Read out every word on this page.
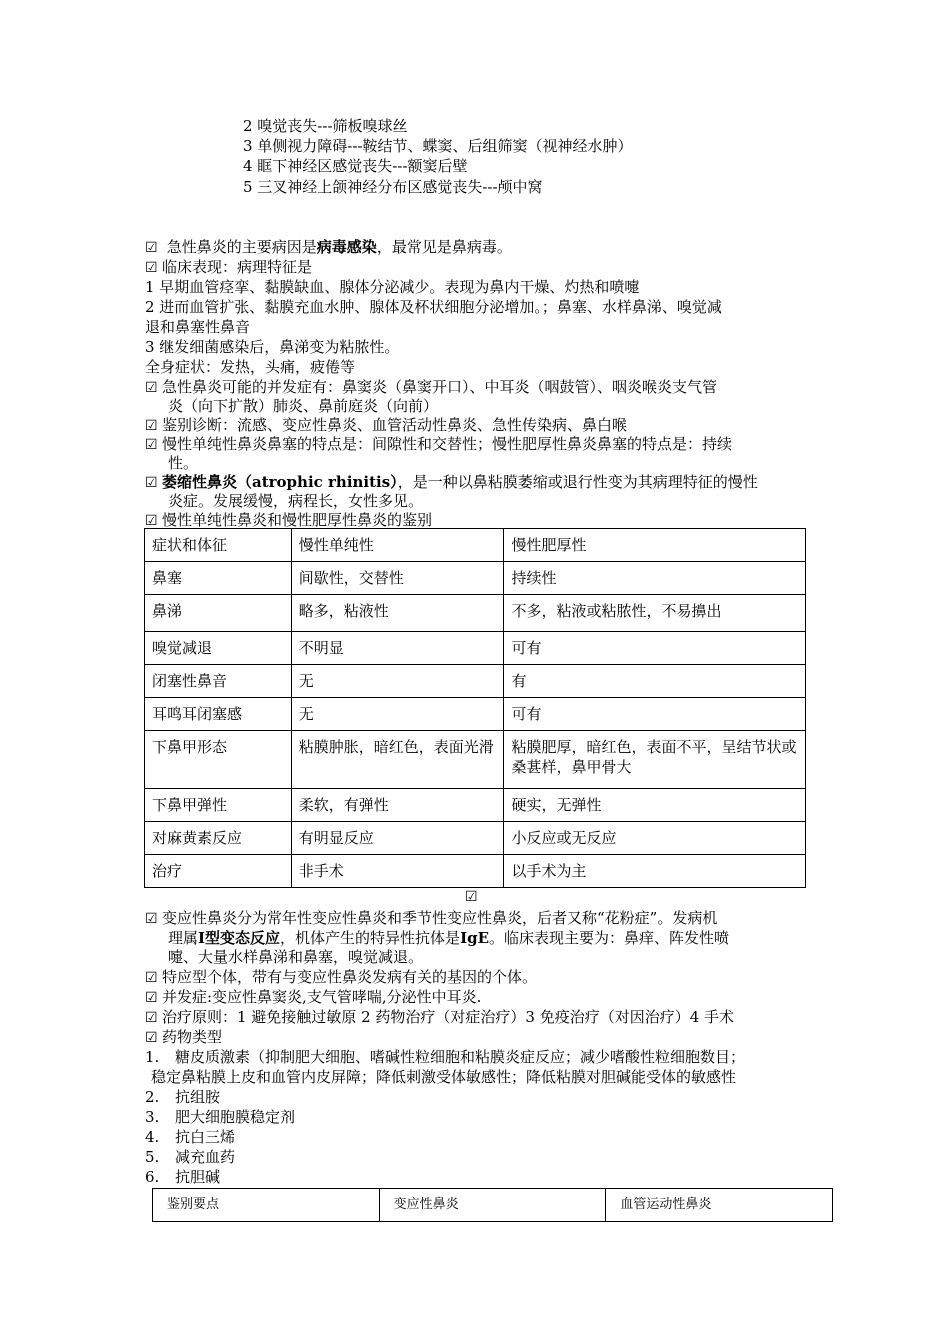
2 嗅觉丧失---筛板嗅球丝
3 单侧视力障碍---鞍结节、蝶窦、后组筛窦（视神经水肿）
4 眶下神经区感觉丧失---额窦后壁
5 三叉神经上颌神经分布区感觉丧失---颅中窝
☑ 急性鼻炎的主要病因是病毒感染，最常见是鼻病毒。
☑ 临床表现：病理特征是
1 早期血管痉挛、黏膜缺血、腺体分泌减少。表现为鼻内干燥、灼热和喷嚏
2 进而血管扩张、黏膜充血水肿、腺体及杯状细胞分泌增加。；鼻塞、水样鼻涕、嗅觉减
退和鼻塞性鼻音
3 继发细菌感染后，鼻涕变为粘脓性。
全身症状：发热，头痛，疲倦等
☑ 急性鼻炎可能的并发症有：鼻窦炎（鼻窦开口）、中耳炎（咽鼓管）、咽炎喉炎支气管
炎（向下扩散）肺炎、鼻前庭炎（向前）
☑ 鉴别诊断：流感、变应性鼻炎、血管活动性鼻炎、急性传染病、鼻白喉
☑ 慢性单纯性鼻炎鼻塞的特点是：间隙性和交替性；慢性肥厚性鼻炎鼻塞的特点是：持续
性。
☑ 萎缩性鼻炎（atrophic rhinitis），是一种以鼻粘膜萎缩或退行性变为其病理特征的慢性
炎症。发展缓慢，病程长，女性多见。
☑ 慢性单纯性鼻炎和慢性肥厚性鼻炎的鉴别
症状和体征	慢性单纯性	慢性肥厚性
鼻塞	间歇性，交替性	持续性
鼻涕	略多，粘液性	不多，粘液或粘脓性，不易擤出
嗅觉减退	不明显	可有
闭塞性鼻音	无	有
耳鸣耳闭塞感	无	可有
下鼻甲形态	粘膜肿胀，暗红色，表面光滑	粘膜肥厚，暗红色，表面不平，呈结节状或桑葚样，鼻甲骨大
下鼻甲弹性	柔软，有弹性	硬实，无弹性
对麻黄素反应	有明显反应	小反应或无反应
治疗	非手术	以手术为主
☑
☑ 变应性鼻炎分为常年性变应性鼻炎和季节性变应性鼻炎，后者又称“花粉症”。发病机
理属Ⅰ型变态反应，机体产生的特异性抗体是IgE。临床表现主要为：鼻痒、阵发性喷
嚏、大量水样鼻涕和鼻塞，嗅觉减退。
☑ 特应型个体，带有与变应性鼻炎发病有关的基因的个体。
☑ 并发症:变应性鼻窦炎,支气管哮喘,分泌性中耳炎.
☑ 治疗原则：1 避免接触过敏原 2 药物治疗（对症治疗）3 免疫治疗（对因治疗）4 手术
☑ 药物类型
1. 糖皮质激素（抑制肥大细胞、嗜碱性粒细胞和粘膜炎症反应；减少嗜酸性粒细胞数目；
稳定鼻粘膜上皮和血管内皮屏障；降低刺激受体敏感性；降低粘膜对胆碱能受体的敏感性
2. 抗组胺
3. 肥大细胞膜稳定剂
4. 抗白三烯
5. 减充血药
6. 抗胆碱
鉴别要点	变应性鼻炎	血管运动性鼻炎
